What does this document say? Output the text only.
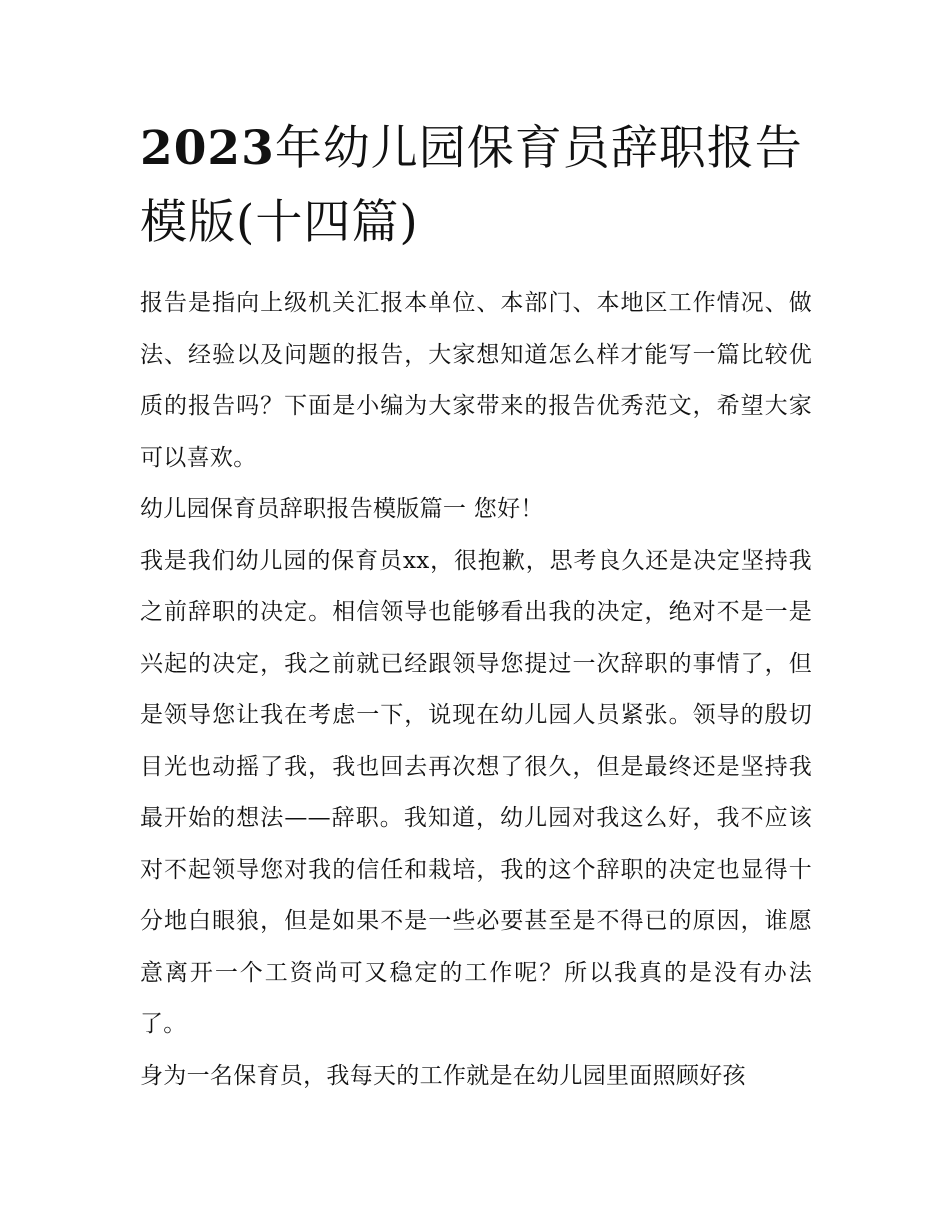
2023年幼儿园保育员辞职报告模版(十四篇)

报告是指向上级机关汇报本单位、本部门、本地区工作情况、做法、经验以及问题的报告，大家想知道怎么样才能写一篇比较优质的报告吗？下面是小编为大家带来的报告优秀范文，希望大家可以喜欢。

幼儿园保育员辞职报告模版篇一 您好！

我是我们幼儿园的保育员xx，很抱歉，思考良久还是决定坚持我之前辞职的决定。相信领导也能够看出我的决定，绝对不是一是兴起的决定，我之前就已经跟领导您提过一次辞职的事情了，但是领导您让我在考虑一下，说现在幼儿园人员紧张。领导的殷切目光也动摇了我，我也回去再次想了很久，但是最终还是坚持我最开始的想法——辞职。我知道，幼儿园对我这么好，我不应该对不起领导您对我的信任和栽培，我的这个辞职的决定也显得十分地白眼狼，但是如果不是一些必要甚至是不得已的原因，谁愿意离开一个工资尚可又稳定的工作呢？所以我真的是没有办法了。

身为一名保育员，我每天的工作就是在幼儿园里面照顾好孩
